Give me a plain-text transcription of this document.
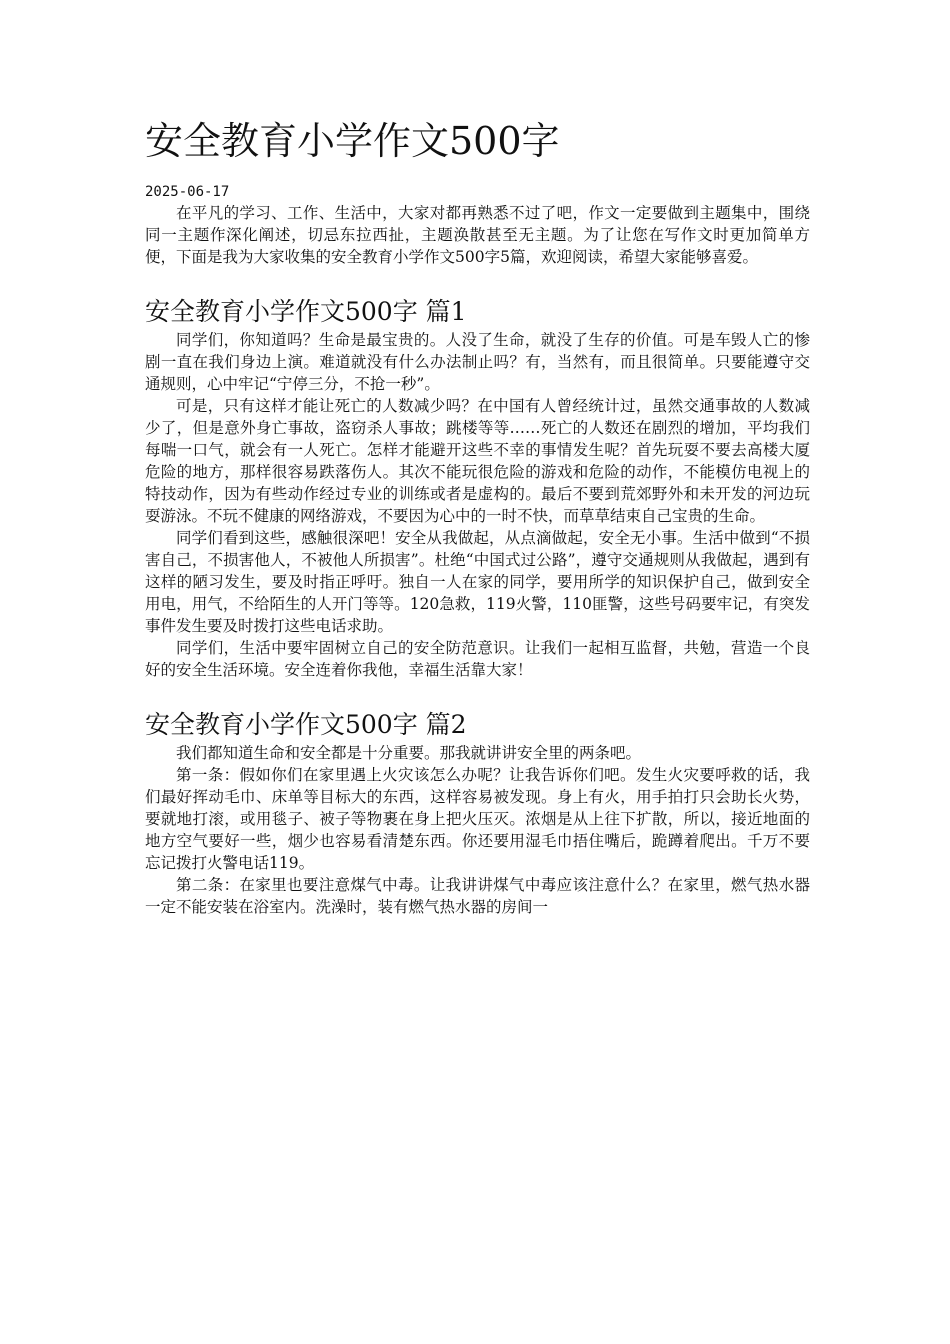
安全教育小学作文500字
2025-06-17

在平凡的学习、工作、生活中，大家对都再熟悉不过了吧，作文一定要做到主题集中，围绕同一主题作深化阐述，切忌东拉西扯，主题涣散甚至无主题。为了让您在写作文时更加简单方便，下面是我为大家收集的安全教育小学作文500字5篇，欢迎阅读，希望大家能够喜爱。

安全教育小学作文500字 篇1

同学们，你知道吗？生命是最宝贵的。人没了生命，就没了生存的价值。可是车毁人亡的惨剧一直在我们身边上演。难道就没有什么办法制止吗？有，当然有，而且很简单。只要能遵守交通规则，心中牢记“宁停三分，不抢一秒”。

可是，只有这样才能让死亡的人数减少吗？在中国有人曾经统计过，虽然交通事故的人数减少了，但是意外身亡事故，盗窃杀人事故；跳楼等等……死亡的人数还在剧烈的增加，平均我们每喘一口气，就会有一人死亡。怎样才能避开这些不幸的事情发生呢？首先玩耍不要去高楼大厦危险的地方，那样很容易跌落伤人。其次不能玩很危险的游戏和危险的动作，不能模仿电视上的特技动作，因为有些动作经过专业的训练或者是虚构的。最后不要到荒郊野外和未开发的河边玩耍游泳。不玩不健康的网络游戏，不要因为心中的一时不快，而草草结束自己宝贵的生命。

同学们看到这些，感触很深吧！安全从我做起，从点滴做起，安全无小事。生活中做到“不损害自己，不损害他人，不被他人所损害”。杜绝“中国式过公路”，遵守交通规则从我做起，遇到有这样的陋习发生，要及时指正呼吁。独自一人在家的同学，要用所学的知识保护自己，做到安全用电，用气，不给陌生的人开门等等。120急救，119火警，110匪警，这些号码要牢记，有突发事件发生要及时拨打这些电话求助。

同学们，生活中要牢固树立自己的安全防范意识。让我们一起相互监督，共勉，营造一个良好的安全生活环境。安全连着你我他，幸福生活靠大家！

安全教育小学作文500字 篇2

我们都知道生命和安全都是十分重要。那我就讲讲安全里的两条吧。

第一条：假如你们在家里遇上火灾该怎么办呢？让我告诉你们吧。发生火灾要呼救的话，我们最好挥动毛巾、床单等目标大的东西，这样容易被发现。身上有火，用手拍打只会助长火势，要就地打滚，或用毯子、被子等物裹在身上把火压灭。浓烟是从上往下扩散，所以，接近地面的地方空气要好一些，烟少也容易看清楚东西。你还要用湿毛巾捂住嘴后，跪蹲着爬出。千万不要忘记拨打火警电话119。

第二条：在家里也要注意煤气中毒。让我讲讲煤气中毒应该注意什么？在家里，燃气热水器一定不能安装在浴室内。洗澡时，装有燃气热水器的房间一
